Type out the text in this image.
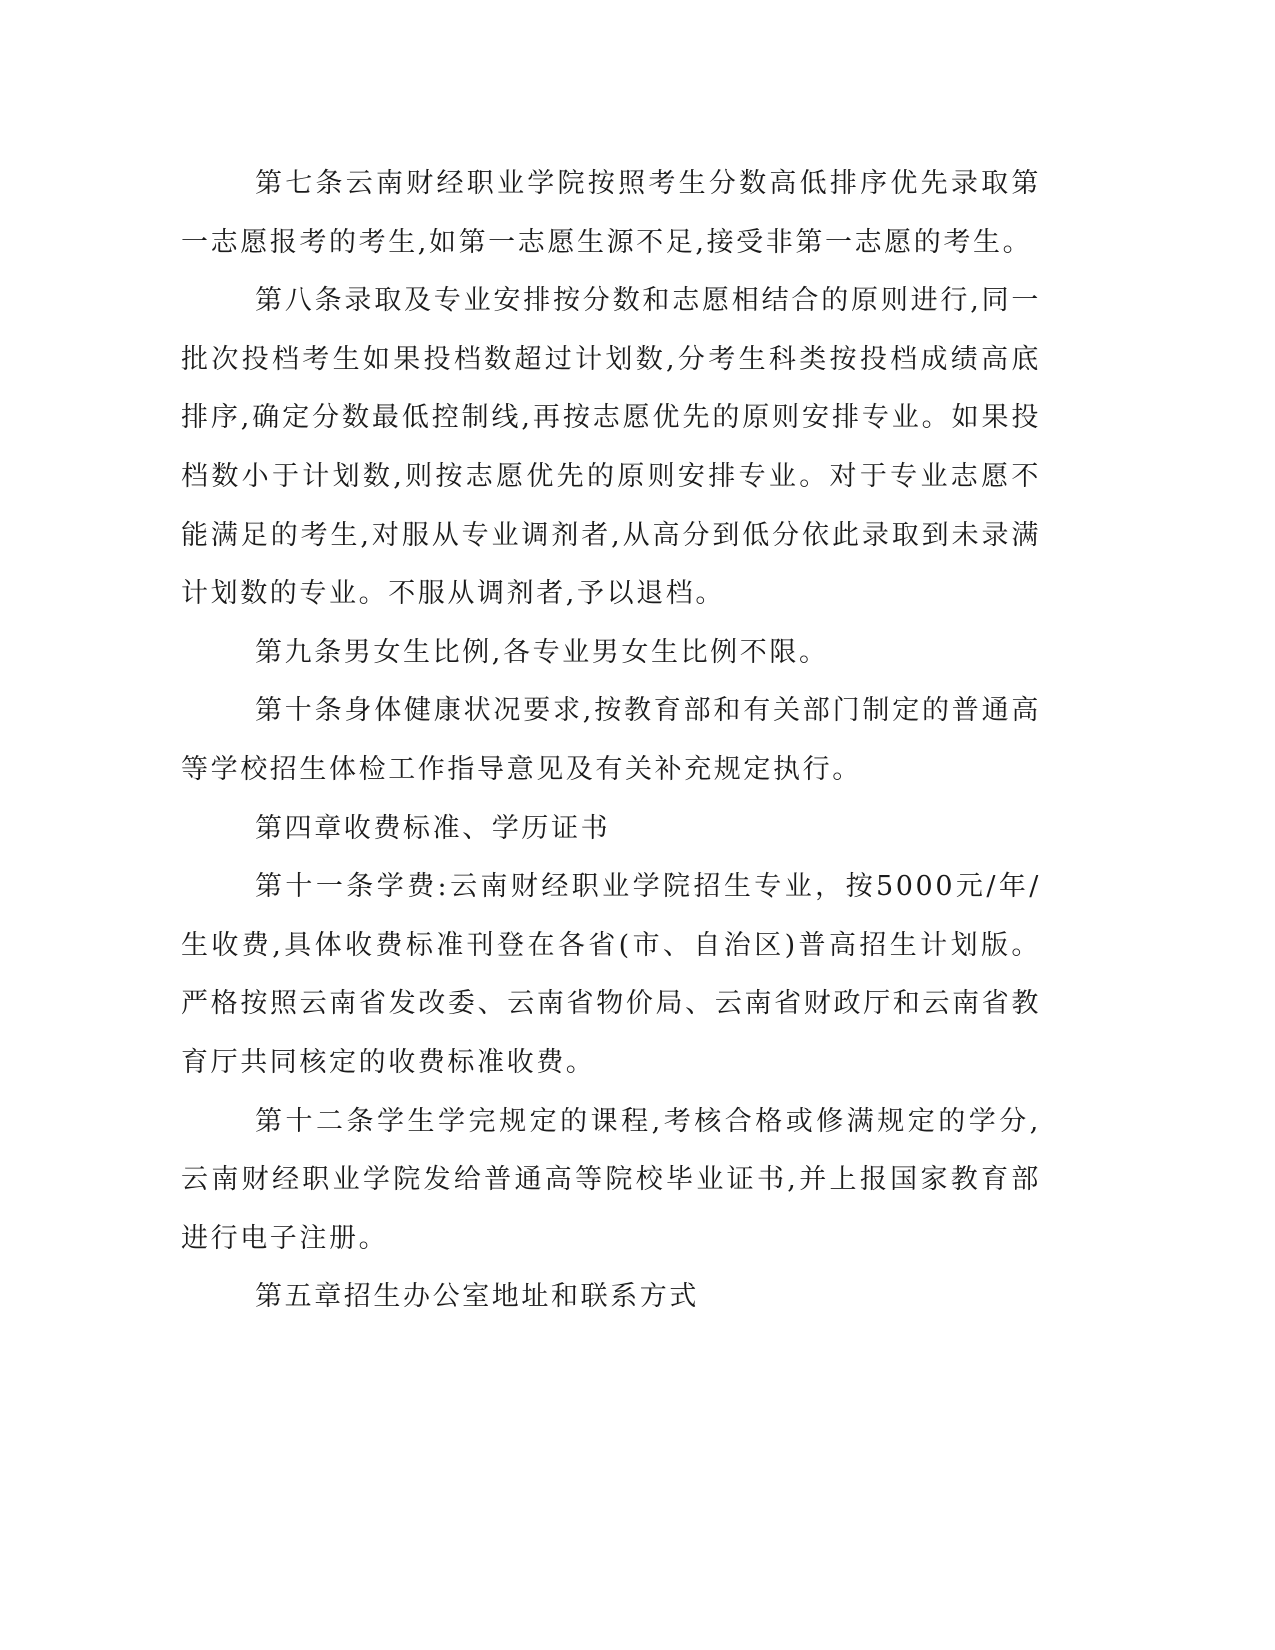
第七条云南财经职业学院按照考生分数高低排序优先录取第一志愿报考的考生,如第一志愿生源不足,接受非第一志愿的考生。

第八条录取及专业安排按分数和志愿相结合的原则进行,同一批次投档考生如果投档数超过计划数,分考生科类按投档成绩高底排序,确定分数最低控制线,再按志愿优先的原则安排专业。如果投档数小于计划数,则按志愿优先的原则安排专业。对于专业志愿不能满足的考生,对服从专业调剂者,从高分到低分依此录取到未录满计划数的专业。不服从调剂者,予以退档。

第九条男女生比例,各专业男女生比例不限。

第十条身体健康状况要求,按教育部和有关部门制定的普通高等学校招生体检工作指导意见及有关补充规定执行。

第四章收费标准、学历证书

第十一条学费:云南财经职业学院招生专业，按5000元/年/生收费,具体收费标准刊登在各省(市、自治区)普高招生计划版。严格按照云南省发改委、云南省物价局、云南省财政厅和云南省教育厅共同核定的收费标准收费。

第十二条学生学完规定的课程,考核合格或修满规定的学分,云南财经职业学院发给普通高等院校毕业证书,并上报国家教育部进行电子注册。

第五章招生办公室地址和联系方式
